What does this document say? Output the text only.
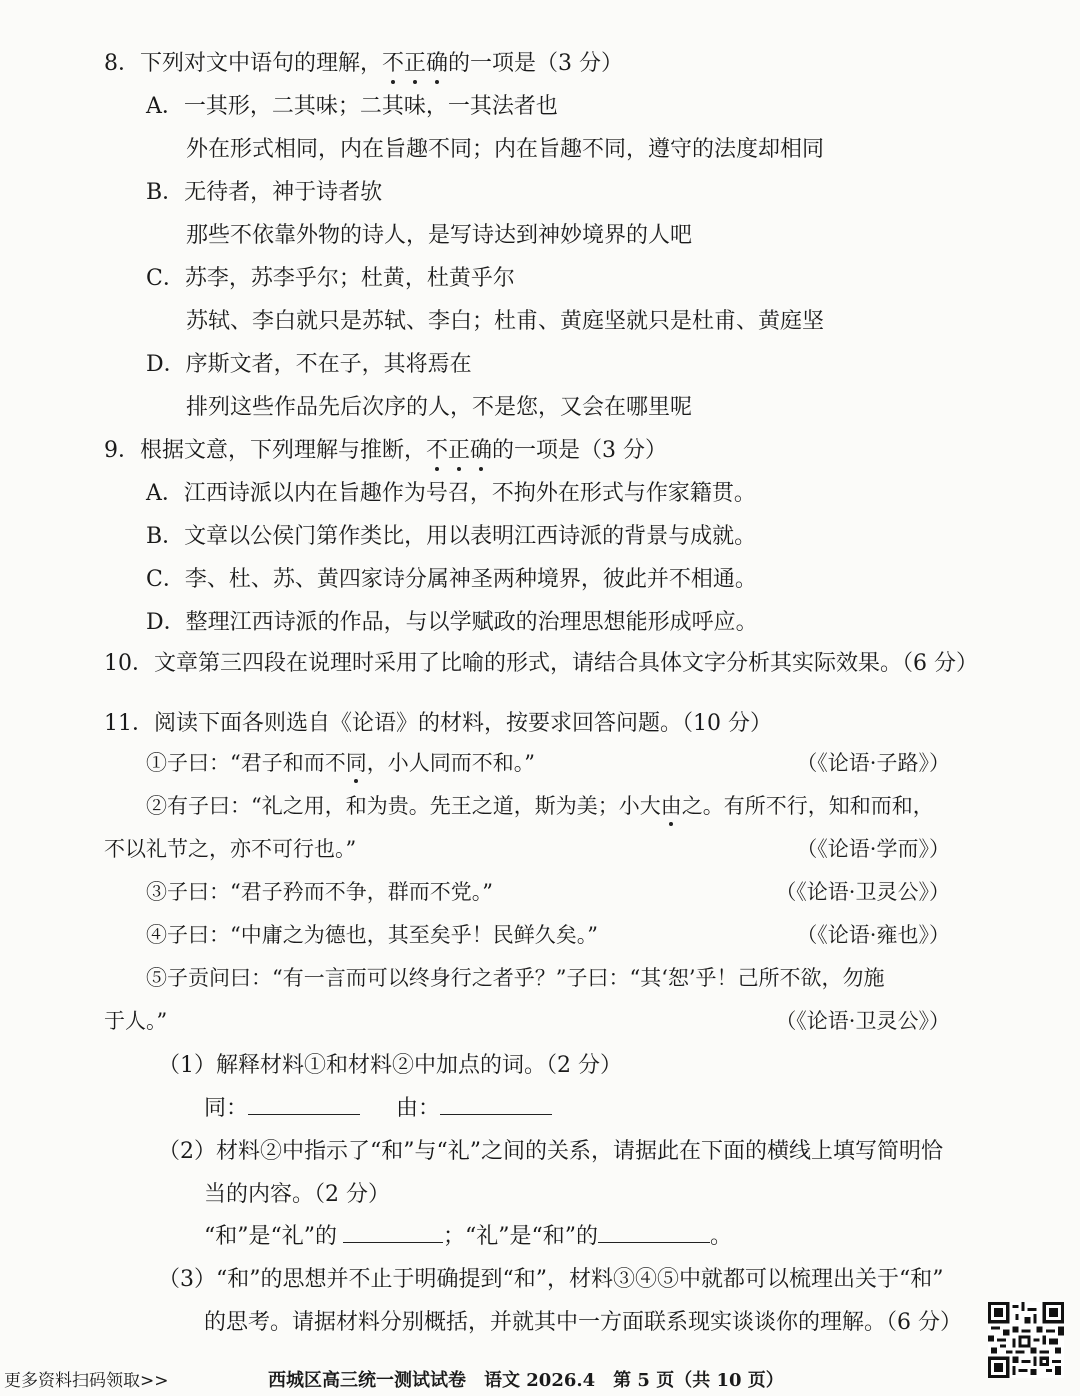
8．下列对文中语句的理解，不正确的一项是（3 分）
A．一其形，二其味；二其味，一其法者也
外在形式相同，内在旨趣不同；内在旨趣不同，遵守的法度却相同
B．无待者，神于诗者欤
那些不依靠外物的诗人，是写诗达到神妙境界的人吧
C．苏李，苏李乎尔；杜黄，杜黄乎尔
苏轼、李白就只是苏轼、李白；杜甫、黄庭坚就只是杜甫、黄庭坚
D．序斯文者，不在子，其将焉在
排列这些作品先后次序的人，不是您，又会在哪里呢
9．根据文意，下列理解与推断，不正确的一项是（3 分）
A．江西诗派以内在旨趣作为号召，不拘外在形式与作家籍贯。
B．文章以公侯门第作类比，用以表明江西诗派的背景与成就。
C．李、杜、苏、黄四家诗分属神圣两种境界，彼此并不相通。
D．整理江西诗派的作品，与以学赋政的治理思想能形成呼应。
10．文章第三四段在说理时采用了比喻的形式，请结合具体文字分析其实际效果。（6 分）
11．阅读下面各则选自《论语》的材料，按要求回答问题。（10 分）
①子曰：“君子和而不同，小人同而不和。”	（《论语·子路》）
②有子曰：“礼之用，和为贵。先王之道，斯为美；小大由之。有所不行，知和而和，
不以礼节之，亦不可行也。”	（《论语·学而》）
③子曰：“君子矜而不争，群而不党。”	（《论语·卫灵公》）
④子曰：“中庸之为德也，其至矣乎！民鲜久矣。”	（《论语·雍也》）
⑤子贡问曰：“有一言而可以终身行之者乎？”子曰：“其‘恕’乎！己所不欲，勿施
于人。”	（《论语·卫灵公》）
（1）解释材料①和材料②中加点的词。（2 分）
同：	由：
（2）材料②中指示了“和”与“礼”之间的关系，请据此在下面的横线上填写简明恰
当的内容。（2 分）
“和”是“礼”的	；“礼”是“和”的	。
（3）“和”的思想并不止于明确提到“和”，材料③④⑤中就都可以梳理出关于“和”
的思考。请据材料分别概括，并就其中一方面联系现实谈谈你的理解。（6 分）
更多资料扫码领取>>	西城区高三统一测试试卷　语文 2026.4　第 5 页（共 10 页）
